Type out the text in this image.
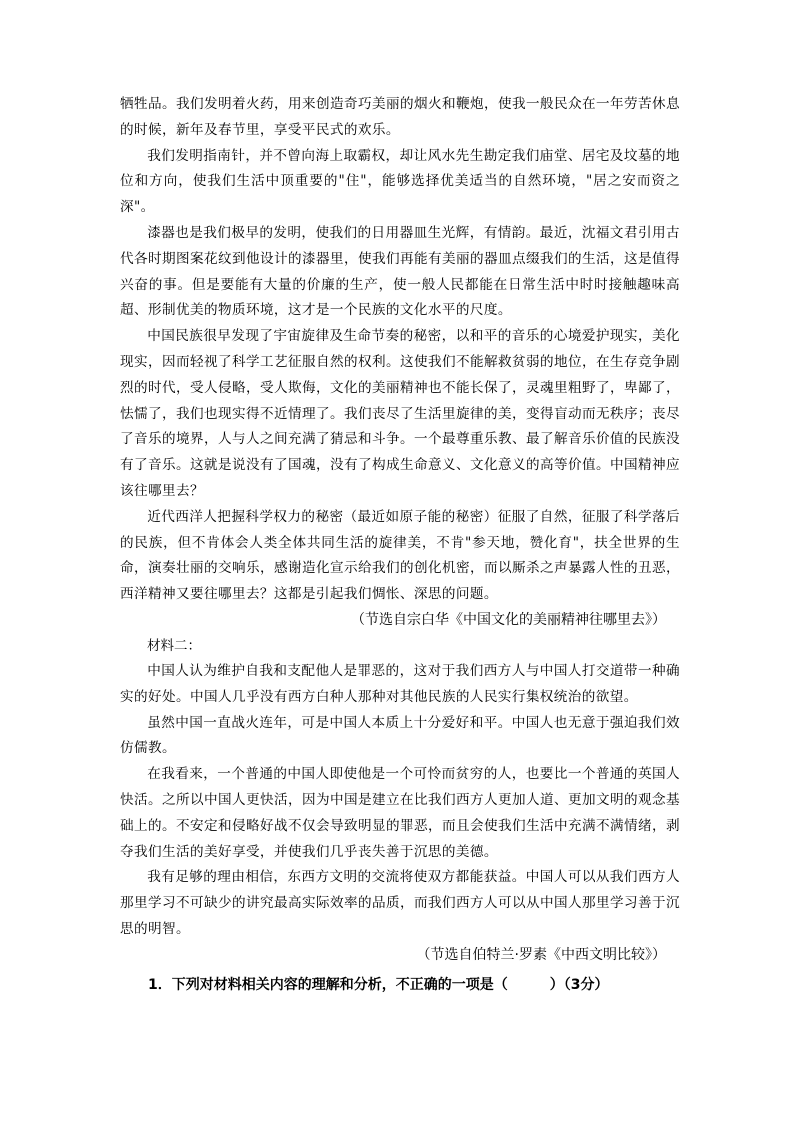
牺牲品。我们发明着火药，用来创造奇巧美丽的烟火和鞭炮，使我一般民众在一年劳苦休息的时候，新年及春节里，享受平民式的欢乐。

我们发明指南针，并不曾向海上取霸权，却让风水先生勘定我们庙堂、居宅及坟墓的地位和方向，使我们生活中顶重要的"住"，能够选择优美适当的自然环境，"居之安而资之深"。

漆器也是我们极早的发明，使我们的日用器皿生光辉，有情韵。最近，沈福文君引用古代各时期图案花纹到他设计的漆器里，使我们再能有美丽的器皿点缀我们的生活，这是值得兴奋的事。但是要能有大量的价廉的生产，使一般人民都能在日常生活中时时接触趣味高超、形制优美的物质环境，这才是一个民族的文化水平的尺度。

中国民族很早发现了宇宙旋律及生命节奏的秘密，以和平的音乐的心境爱护现实，美化现实，因而轻视了科学工艺征服自然的权利。这使我们不能解救贫弱的地位，在生存竞争剧烈的时代，受人侵略，受人欺侮，文化的美丽精神也不能长保了，灵魂里粗野了，卑鄙了，怯懦了，我们也现实得不近情理了。我们丧尽了生活里旋律的美，变得盲动而无秩序；丧尽了音乐的境界，人与人之间充满了猜忌和斗争。一个最尊重乐教、最了解音乐价值的民族没有了音乐。这就是说没有了国魂，没有了构成生命意义、文化意义的高等价值。中国精神应该往哪里去？

近代西洋人把握科学权力的秘密（最近如原子能的秘密）征服了自然，征服了科学落后的民族，但不肯体会人类全体共同生活的旋律美，不肯"参天地，赞化育"，扶全世界的生命，演奏壮丽的交响乐，感谢造化宣示给我们的创化机密，而以厮杀之声暴露人性的丑恶，西洋精神又要往哪里去？这都是引起我们惆怅、深思的问题。

（节选自宗白华《中国文化的美丽精神往哪里去》）

材料二：

中国人认为维护自我和支配他人是罪恶的，这对于我们西方人与中国人打交道带一种确实的好处。中国人几乎没有西方白种人那种对其他民族的人民实行集权统治的欲望。

虽然中国一直战火连年，可是中国人本质上十分爱好和平。中国人也无意于强迫我们效仿儒教。

在我看来，一个普通的中国人即使他是一个可怜而贫穷的人，也要比一个普通的英国人快活。之所以中国人更快活，因为中国是建立在比我们西方人更加人道、更加文明的观念基础上的。不安定和侵略好战不仅会导致明显的罪恶，而且会使我们生活中充满不满情绪，剥夺我们生活的美好享受，并使我们几乎丧失善于沉思的美德。

我有足够的理由相信，东西方文明的交流将使双方都能获益。中国人可以从我们西方人那里学习不可缺少的讲究最高实际效率的品质，而我们西方人可以从中国人那里学习善于沉思的明智。

（节选自伯特兰·罗素《中西文明比较》）

1．下列对材料相关内容的理解和分析，不正确的一项是（　　　）（3分）
